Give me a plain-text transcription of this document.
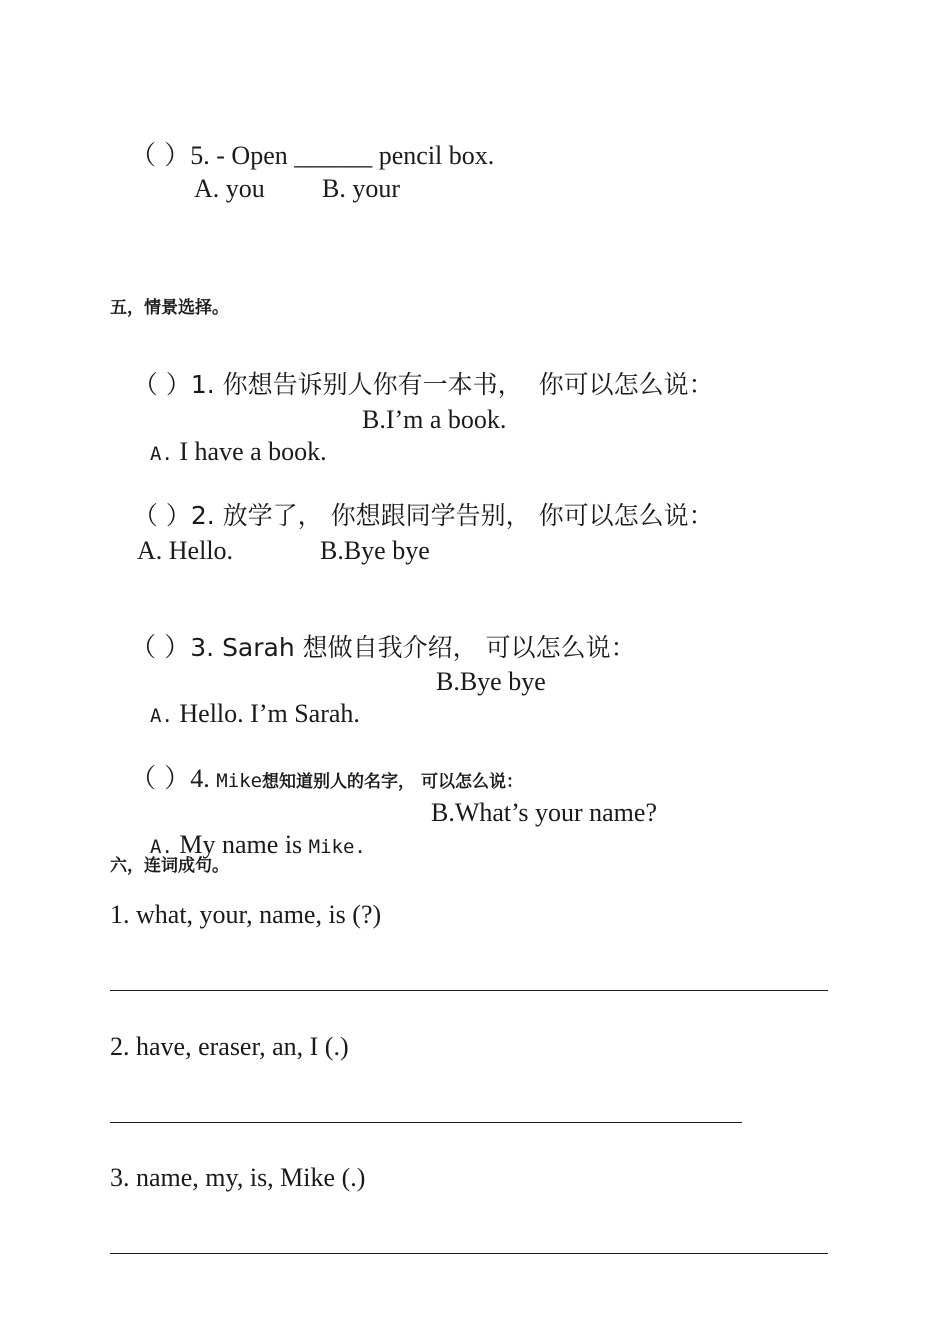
（ ）5. - Open ______ pencil box.

A. you B. your
五，情景选择。

（ ）1. 你想告诉别人你有一本书， 你可以怎么说：

A. I have a book.

B.I’m a book.

（ ）2. 放学了， 你想跟同学告别， 你可以怎么说：

A. Hello.	B.Bye bye

（ ）3. Sarah 想做自我介绍， 可以怎么说：

A. Hello. I’m Sarah.

B.Bye bye

（ ）4. Mike想知道别人的名字， 可以怎么说：

A. My name is Mike.

B.What’s your name?
六，连词成句。
1. what, your, name, is (?)
2. have, eraser, an, I (.)
3. name, my, is, Mike (.)
